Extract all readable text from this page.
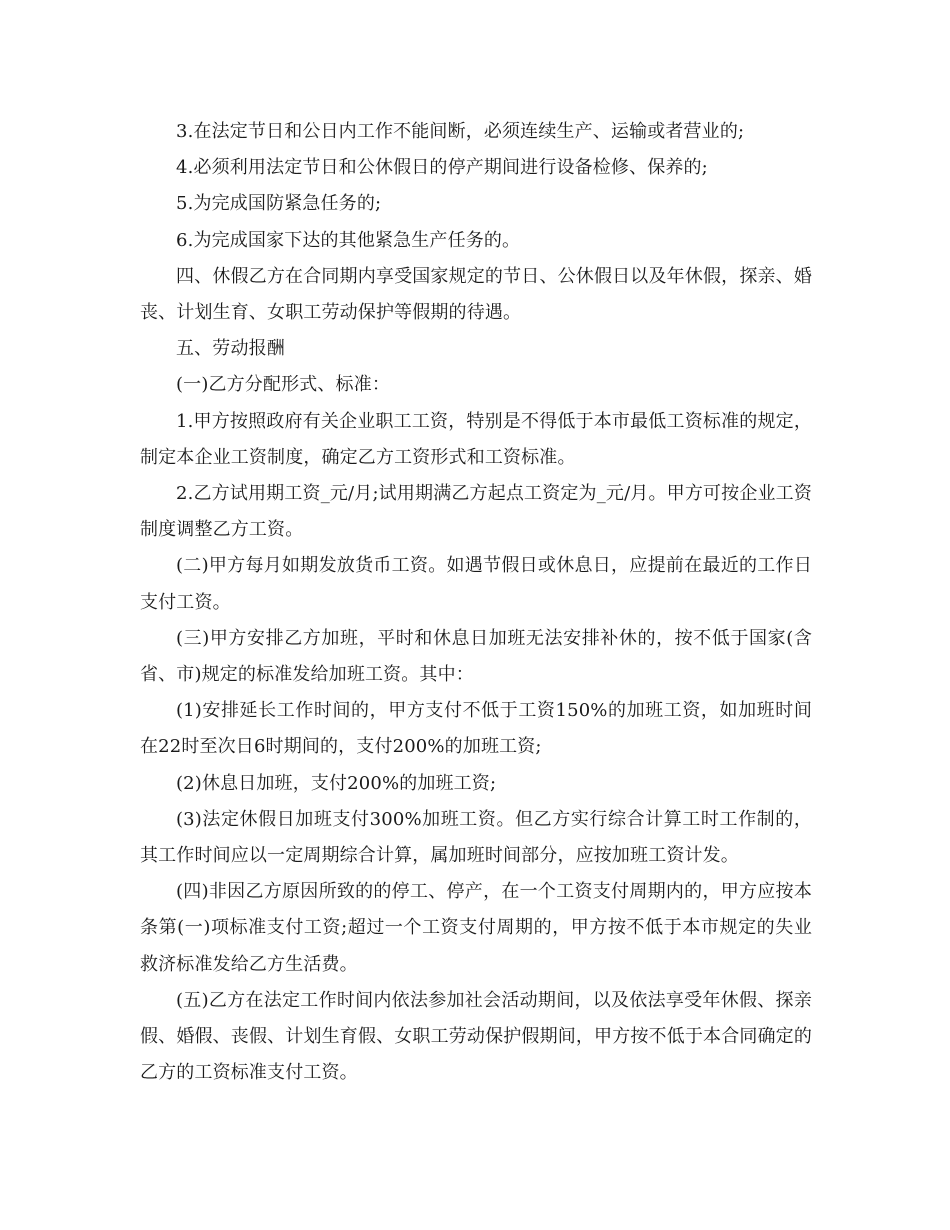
3.在法定节日和公日内工作不能间断，必须连续生产、运输或者营业的;

4.必须利用法定节日和公休假日的停产期间进行设备检修、保养的;

5.为完成国防紧急任务的;

6.为完成国家下达的其他紧急生产任务的。

四、休假乙方在合同期内享受国家规定的节日、公休假日以及年休假，探亲、婚丧、计划生育、女职工劳动保护等假期的待遇。

五、劳动报酬

(一)乙方分配形式、标准：

1.甲方按照政府有关企业职工工资，特别是不得低于本市最低工资标准的规定，制定本企业工资制度，确定乙方工资形式和工资标准。

2.乙方试用期工资_元/月;试用期满乙方起点工资定为_元/月。甲方可按企业工资制度调整乙方工资。

(二)甲方每月如期发放货币工资。如遇节假日或休息日，应提前在最近的工作日支付工资。

(三)甲方安排乙方加班，平时和休息日加班无法安排补休的，按不低于国家(含省、市)规定的标准发给加班工资。其中：

(1)安排延长工作时间的，甲方支付不低于工资150%的加班工资，如加班时间在22时至次日6时期间的，支付200%的加班工资;

(2)休息日加班，支付200%的加班工资;

(3)法定休假日加班支付300%加班工资。但乙方实行综合计算工时工作制的，其工作时间应以一定周期综合计算，属加班时间部分，应按加班工资计发。

(四)非因乙方原因所致的的停工、停产，在一个工资支付周期内的，甲方应按本条第(一)项标准支付工资;超过一个工资支付周期的，甲方按不低于本市规定的失业救济标准发给乙方生活费。

(五)乙方在法定工作时间内依法参加社会活动期间，以及依法享受年休假、探亲假、婚假、丧假、计划生育假、女职工劳动保护假期间，甲方按不低于本合同确定的乙方的工资标准支付工资。
